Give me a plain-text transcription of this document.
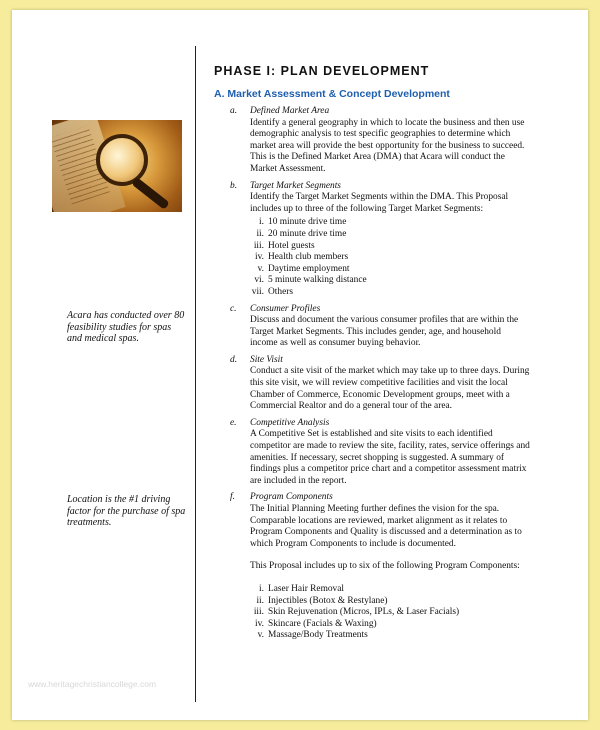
Acara has conducted over 80 feasibility studies for spas and medical spas.
Location is the #1 driving factor for the purchase of spa treatments.
PHASE I: PLAN DEVELOPMENT
A. Market Assessment & Concept Development
a. Defined Market Area
Identify a general geography in which to locate the business and then use demographic analysis to test specific geographies to determine which market area will provide the best opportunity for the business to succeed. This is the Defined Market Area (DMA) that Acara will conduct the Market Assessment.
b. Target Market Segments
Identify the Target Market Segments within the DMA. This Proposal includes up to three of the following Target Market Segments:
i. 10 minute drive time
ii. 20 minute drive time
iii. Hotel guests
iv. Health club members
v. Daytime employment
vi. 5 minute walking distance
vii. Others
c. Consumer Profiles
Discuss and document the various consumer profiles that are within the Target Market Segments. This includes gender, age, and household income as well as consumer buying behavior.
d. Site Visit
Conduct a site visit of the market which may take up to three days. During this site visit, we will review competitive facilities and visit the local Chamber of Commerce, Economic Development groups, meet with a Commercial Realtor and do a general tour of the area.
e. Competitive Analysis
A Competitive Set is established and site visits to each identified competitor are made to review the site, facility, rates, service offerings and amenities. If necessary, secret shopping is suggested. A summary of findings plus a competitor price chart and a competitor assessment matrix are included in the report.
f. Program Components
The Initial Planning Meeting further defines the vision for the spa. Comparable locations are reviewed, market alignment as it relates to Program Components and Quality is discussed and a determination as to which Program Components to include is documented.
This Proposal includes up to six of the following Program Components:
i. Laser Hair Removal
ii. Injectibles (Botox & Restylane)
iii. Skin Rejuvenation (Micros, IPLs, & Laser Facials)
iv. Skincare (Facials & Waxing)
v. Massage/Body Treatments
www.heritagechristiancollege.com
